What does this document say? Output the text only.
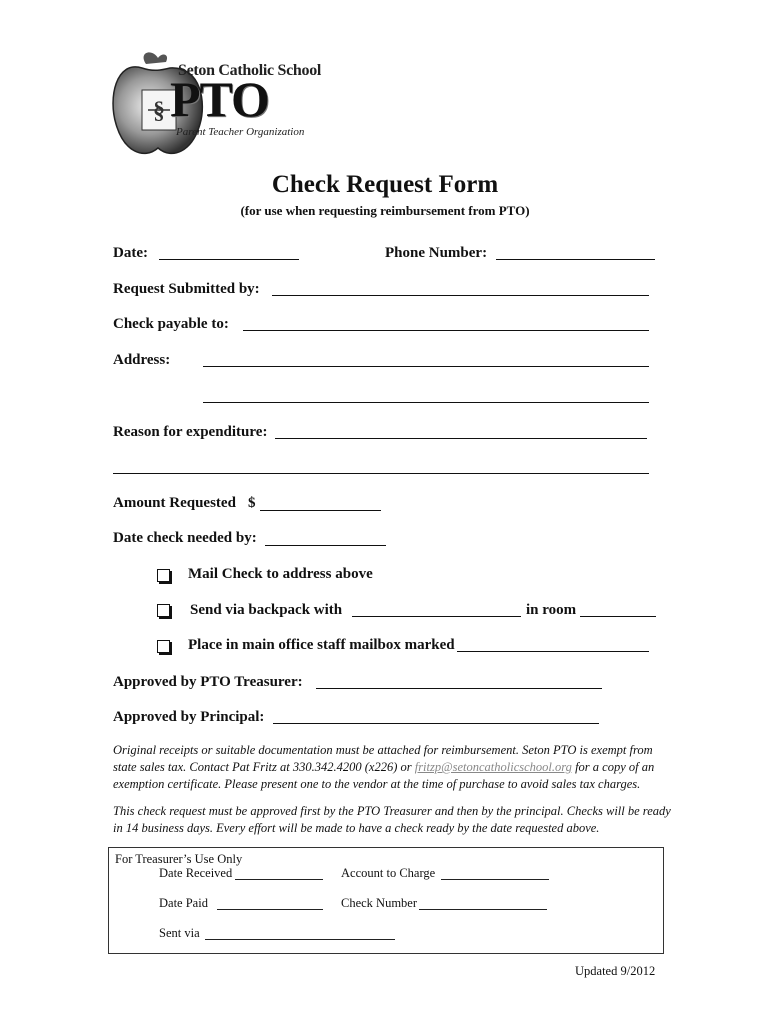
§
Seton Catholic School
PTO
Parent Teacher Organization
Check Request Form
(for use when requesting reimbursement from PTO)
Date:	Phone Number:
Request Submitted by:
Check payable to:
Address:
Reason for expenditure:
Amount Requested $
Date check needed by:
Mail Check to address above
Send via backpack with	in room
Place in main office staff mailbox marked
Approved by PTO Treasurer:
Approved by Principal:
Original receipts or suitable documentation must be attached for reimbursement. Seton PTO is exempt from state sales tax. Contact Pat Fritz at 330.342.4200 (x226) or fritzp@setoncatholicschool.org for a copy of an exemption certificate. Please present one to the vendor at the time of purchase to avoid sales tax charges.
This check request must be approved first by the PTO Treasurer and then by the principal. Checks will be ready in 14 business days. Every effort will be made to have a check ready by the date requested above.
For Treasurer’s Use Only
Date Received	Account to Charge
Date Paid	Check Number
Sent via
Updated 9/2012
